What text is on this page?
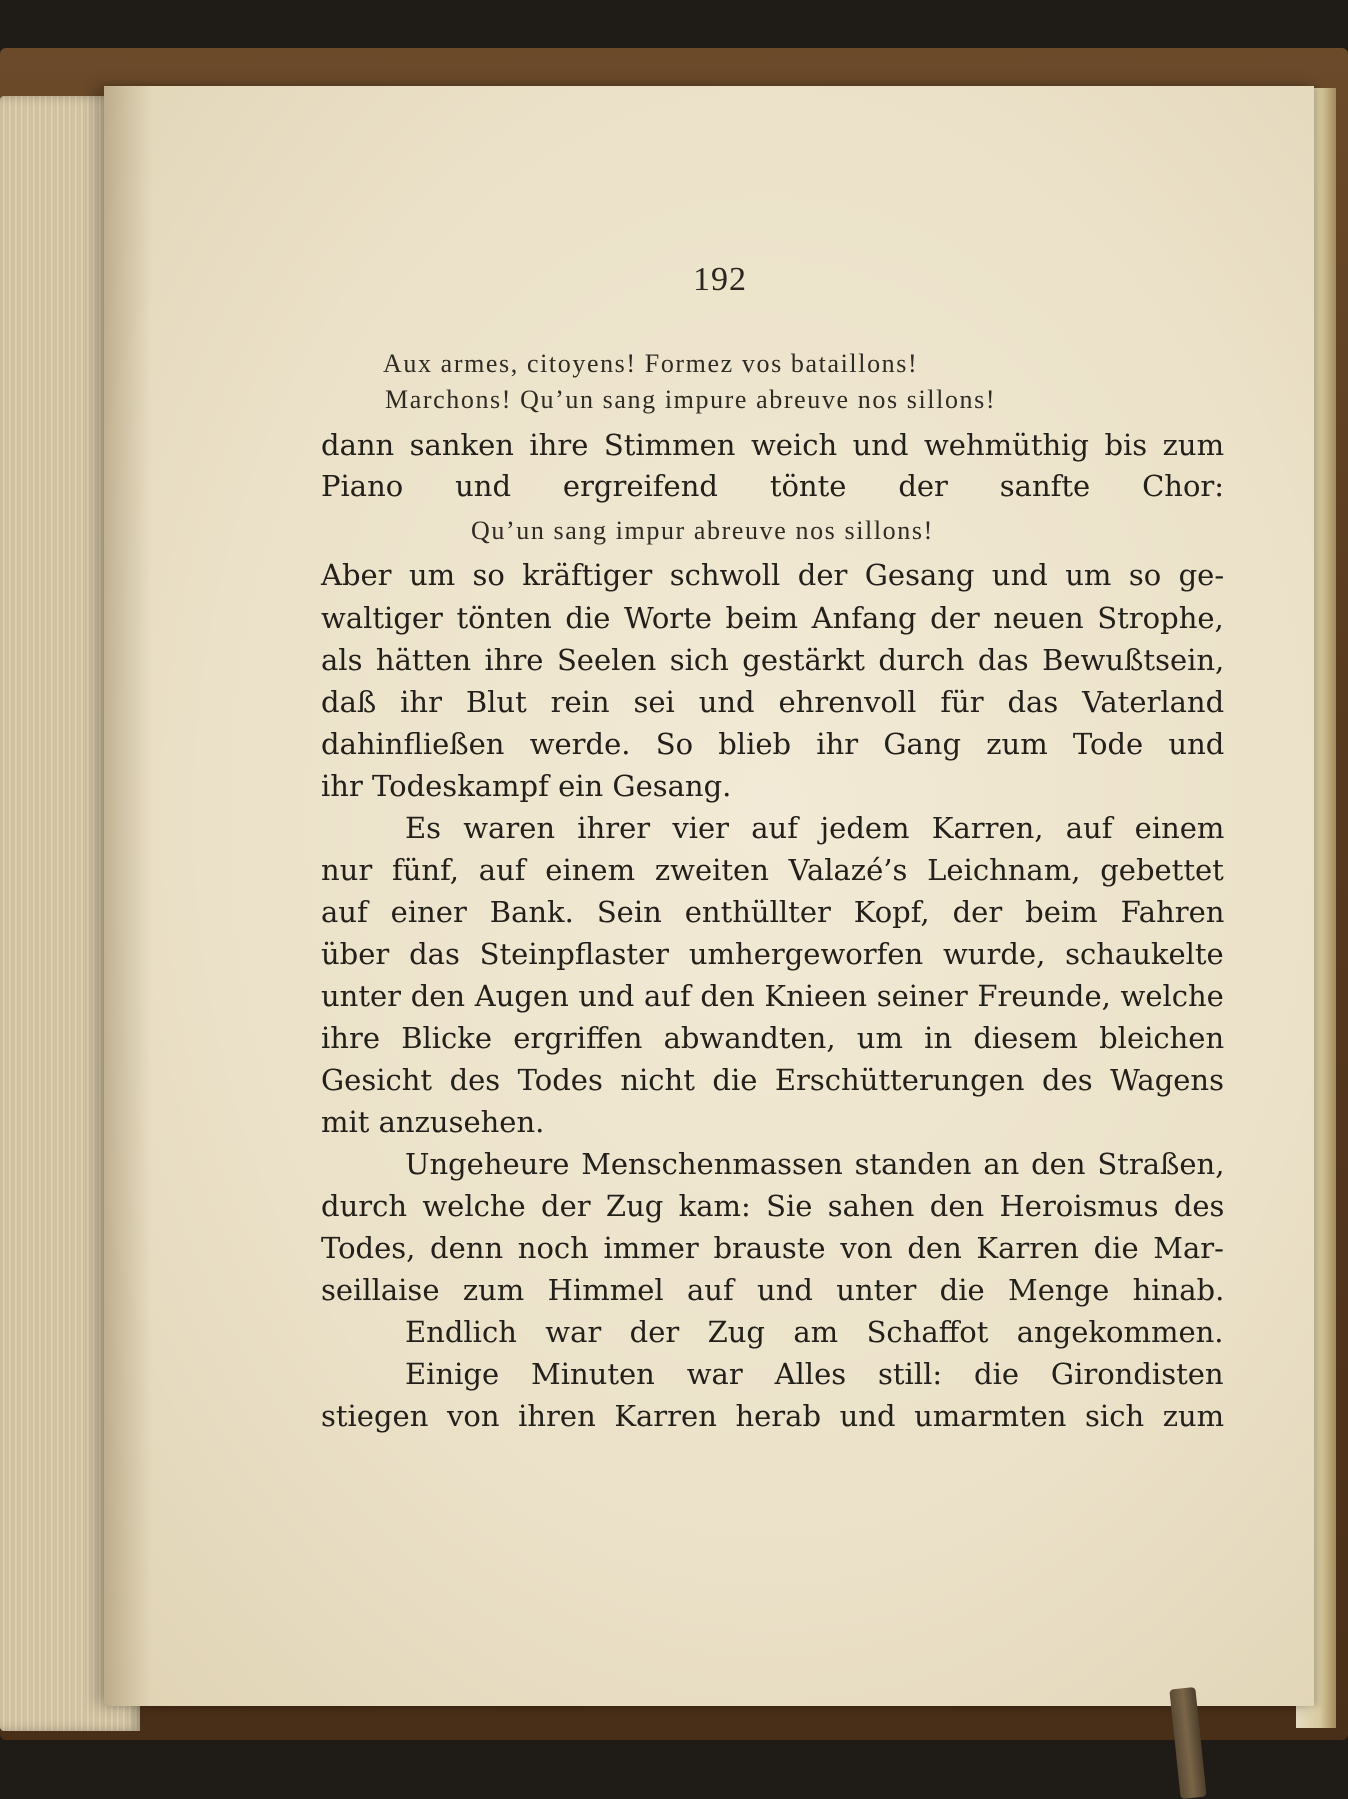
192
Aux armes, citoyens! Formez vos bataillons!
Marchons! Qu’un sang impure abreuve nos sillons!
dann sanken ihre Stimmen weich und wehmüthig bis zum
Piano und ergreifend tönte der sanfte Chor:
Qu’un sang impur abreuve nos sillons!
Aber um so kräftiger schwoll der Gesang und um so ge-
waltiger tönten die Worte beim Anfang der neuen Strophe,
als hätten ihre Seelen sich gestärkt durch das Bewußtsein,
daß ihr Blut rein sei und ehrenvoll für das Vaterland
dahinfließen werde. So blieb ihr Gang zum Tode und
ihr Todeskampf ein Gesang.
Es waren ihrer vier auf jedem Karren, auf einem
nur fünf, auf einem zweiten Valazé’s Leichnam, gebettet
auf einer Bank. Sein enthüllter Kopf, der beim Fahren
über das Steinpflaster umhergeworfen wurde, schaukelte
unter den Augen und auf den Knieen seiner Freunde, welche
ihre Blicke ergriffen abwandten, um in diesem bleichen
Gesicht des Todes nicht die Erschütterungen des Wagens
mit anzusehen.
Ungeheure Menschenmassen standen an den Straßen,
durch welche der Zug kam: Sie sahen den Heroismus des
Todes, denn noch immer brauste von den Karren die Mar-
seillaise zum Himmel auf und unter die Menge hinab.
Endlich war der Zug am Schaffot angekommen.
Einige Minuten war Alles still: die Girondisten
stiegen von ihren Karren herab und umarmten sich zum
